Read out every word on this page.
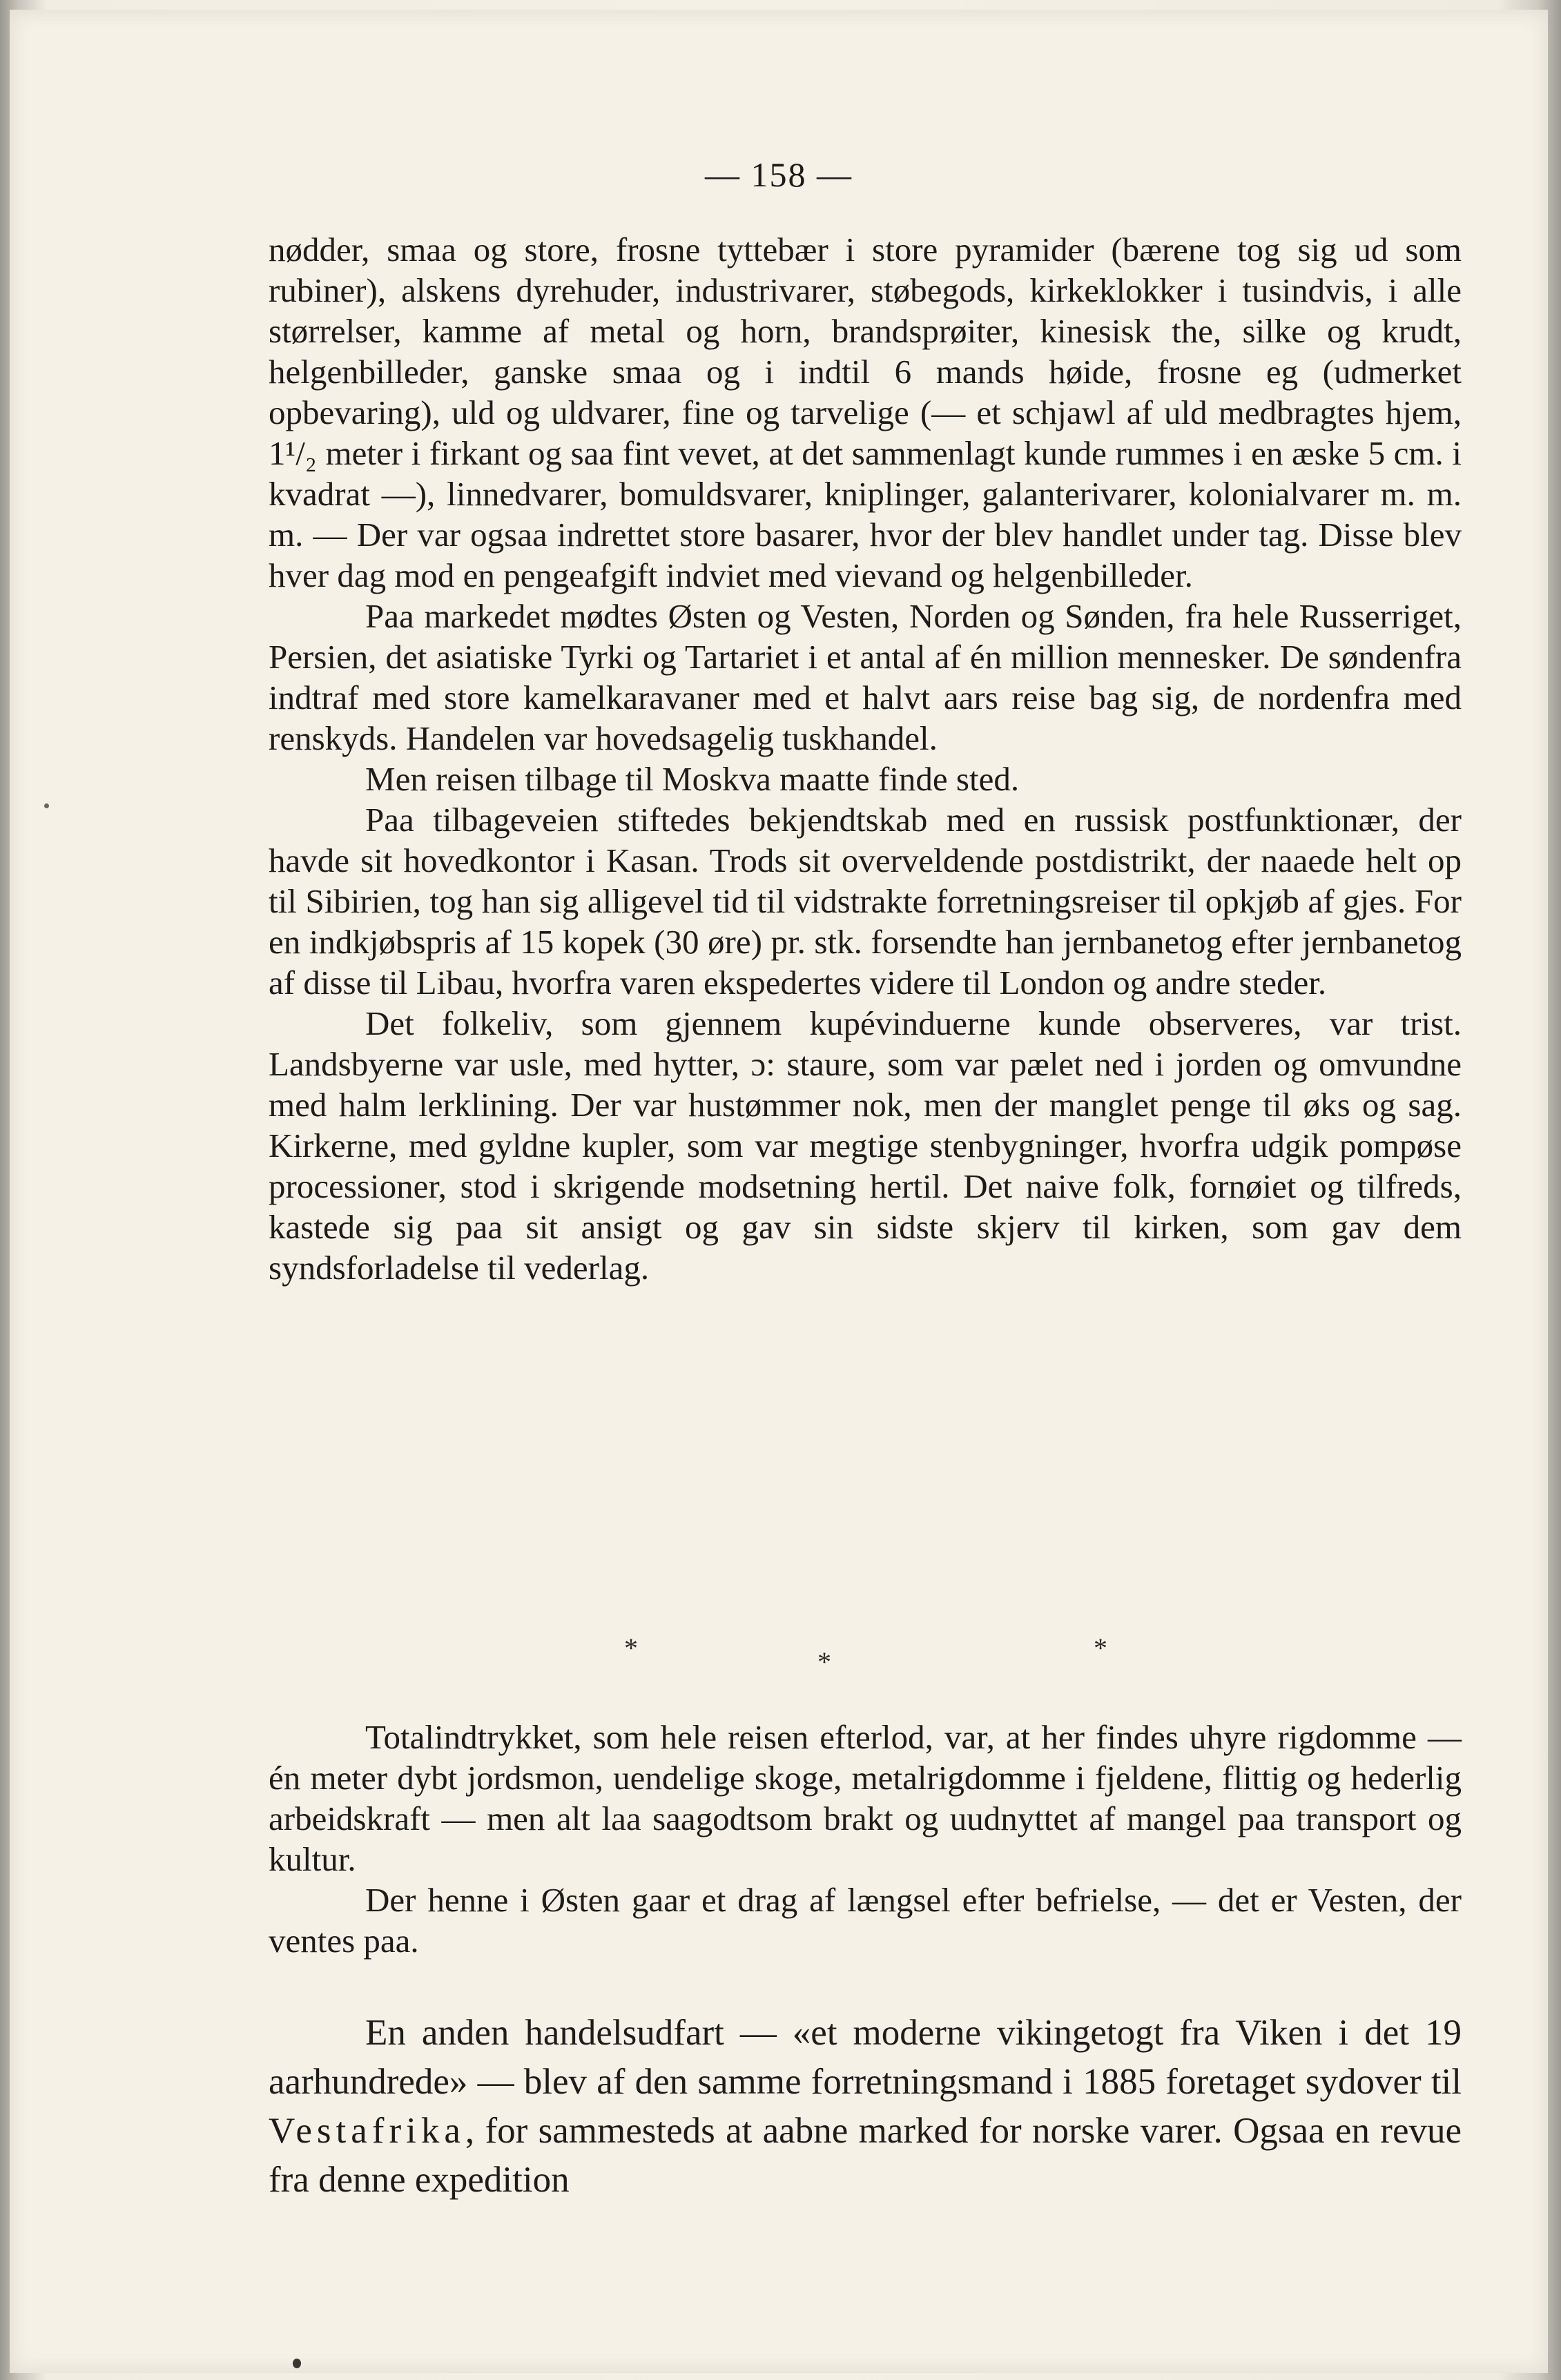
— 158 —

nødder, smaa og store, frosne tyttebær i store pyramider (bærene tog sig ud som rubiner), alskens dyrehuder, industrivarer, støbegods, kirkeklokker i tusindvis, i alle størrelser, kamme af metal og horn, brandsprøiter, kinesisk the, silke og krudt, helgenbilleder, ganske smaa og i indtil 6 mands høide, frosne eg (udmerket opbevaring), uld og uldvarer, fine og tarvelige (— et schjawl af uld medbragtes hjem, 1¹/₂ meter i firkant og saa fint vevet, at det sammenlagt kunde rummes i en æske 5 cm. i kvadrat —), linnedvarer, bomuldsvarer, kniplinger, galanterivarer, kolonialvarer m. m. m. — Der var ogsaa indrettet store basarer, hvor der blev handlet under tag. Disse blev hver dag mod en pengeafgift indviet med vievand og helgenbilleder.

Paa markedet mødtes Østen og Vesten, Norden og Sønden, fra hele Russerriget, Persien, det asiatiske Tyrki og Tartariet i et antal af én million mennesker. De søndenfra indtraf med store kamelkaravaner med et halvt aars reise bag sig, de nordenfra med renskyds. Handelen var hovedsagelig tuskhandel.

Men reisen tilbage til Moskva maatte finde sted.

Paa tilbageveien stiftedes bekjendtskab med en russisk postfunktionær, der havde sit hovedkontor i Kasan. Trods sit overveldende postdistrikt, der naaede helt op til Sibirien, tog han sig alligevel tid til vidstrakte forretningsreiser til opkjøb af gjes. For en indkjøbspris af 15 kopek (30 øre) pr. stk. forsendte han jernbanetog efter jernbanetog af disse til Libau, hvorfra varen ekspedertes videre til London og andre steder.

Det folkeliv, som gjennem kupévinduerne kunde observeres, var trist. Landsbyerne var usle, med hytter, ɔ: staure, som var pælet ned i jorden og omvundne med halm lerklining. Der var hustømmer nok, men der manglet penge til øks og sag. Kirkerne, med gyldne kupler, som var megtige stenbygninger, hvorfra udgik pompøse processioner, stod i skrigende modsetning hertil. Det naive folk, fornøiet og tilfreds, kastede sig paa sit ansigt og gav sin sidste skjerv til kirken, som gav dem syndsforladelse til vederlag.

*	*	*

Totalindtrykket, som hele reisen efterlod, var, at her findes uhyre rigdomme — én meter dybt jordsmon, uendelige skoge, metalrigdomme i fjeldene, flittig og hederlig arbeidskraft — men alt laa saagodtsom brakt og uudnyttet af mangel paa transport og kultur.

Der henne i Østen gaar et drag af længsel efter befrielse, — det er Vesten, der ventes paa.

En anden handelsudfart — «et moderne vikingetogt fra Viken i det 19 aarhundrede» — blev af den samme forretningsmand i 1885 foretaget sydover til Vestafrika, for sammesteds at aabne marked for norske varer. Ogsaa en revue fra denne expedition
